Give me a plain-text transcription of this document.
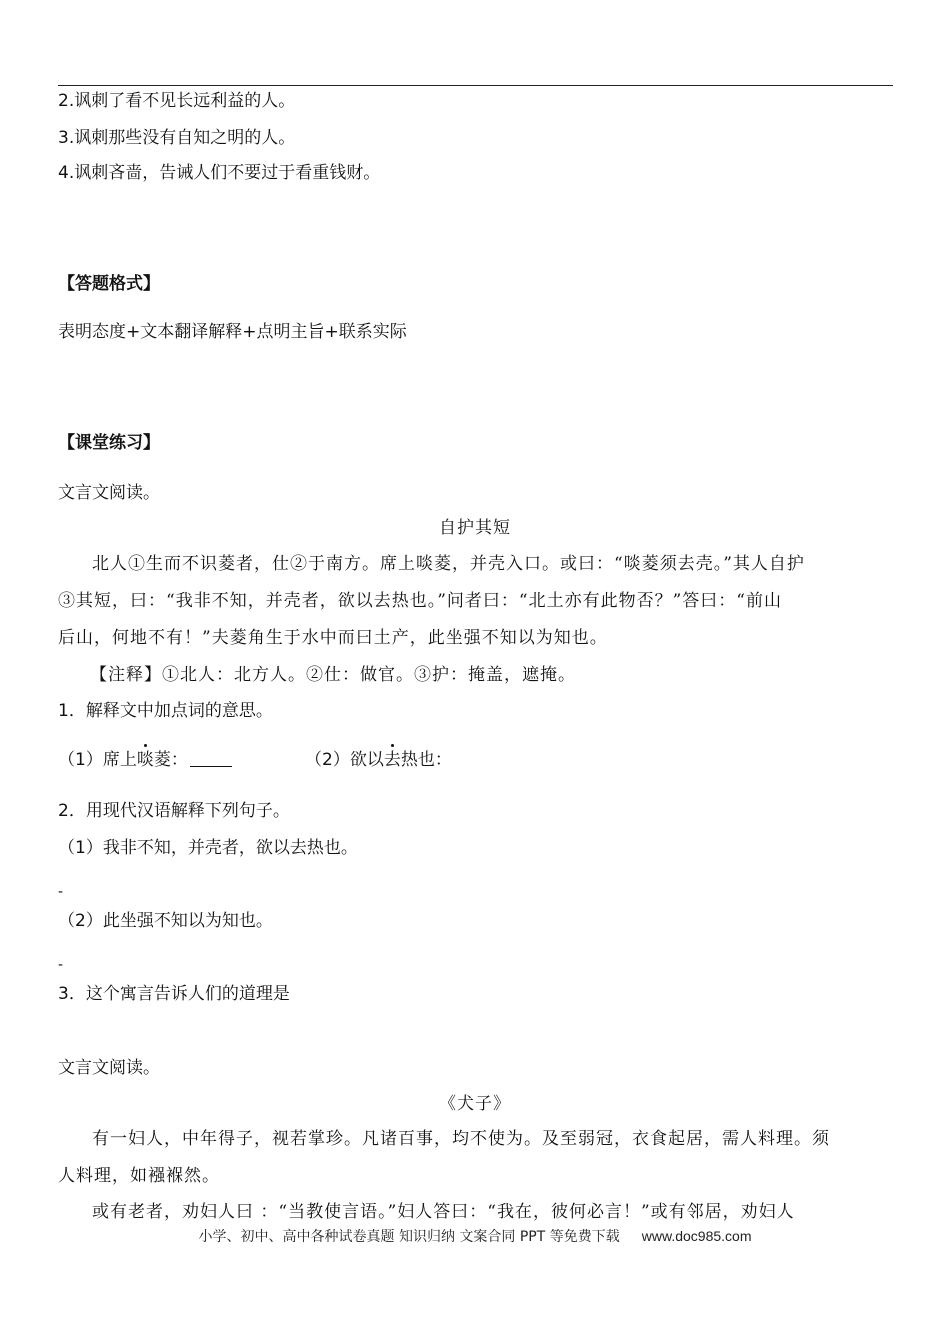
2.讽刺了看不见长远利益的人。
3.讽刺那些没有自知之明的人。
4.讽刺吝啬，告诫人们不要过于看重钱财。
【答题格式】
表明态度+文本翻译解释+点明主旨+联系实际
【课堂练习】
文言文阅读。
自护其短
北人①生而不识菱者，仕②于南方。席上啖菱，并壳入口。或曰：“啖菱须去壳。”其人自护
③其短，曰：“我非不知，并壳者，欲以去热也。”问者曰：“北土亦有此物否？”答曰：“前山
后山，何地不有！”夫菱角生于水中而曰土产，此坐强不知以为知也。
【注释】①北人：北方人。②仕：做官。③护：掩盖，遮掩。
1．解释文中加点词的意思。
（1）席上啖菱：	（2）欲以去热也：
2．用现代汉语解释下列句子。
（1）我非不知，并壳者，欲以去热也。
-
（2）此坐强不知以为知也。
-
3．这个寓言告诉人们的道理是
文言文阅读。
《犬子》
有一妇人，中年得子，视若掌珍。凡诸百事，均不使为。及至弱冠，衣食起居，需人料理。须
人料理，如襁褓然。
或有老者，劝妇人曰 ：“当教使言语。”妇人答曰：“我在，彼何必言！”或有邻居，劝妇人
小学、初中、高中各种试卷真题 知识归纳 文案合同 PPT 等免费下载 www.doc985.com
